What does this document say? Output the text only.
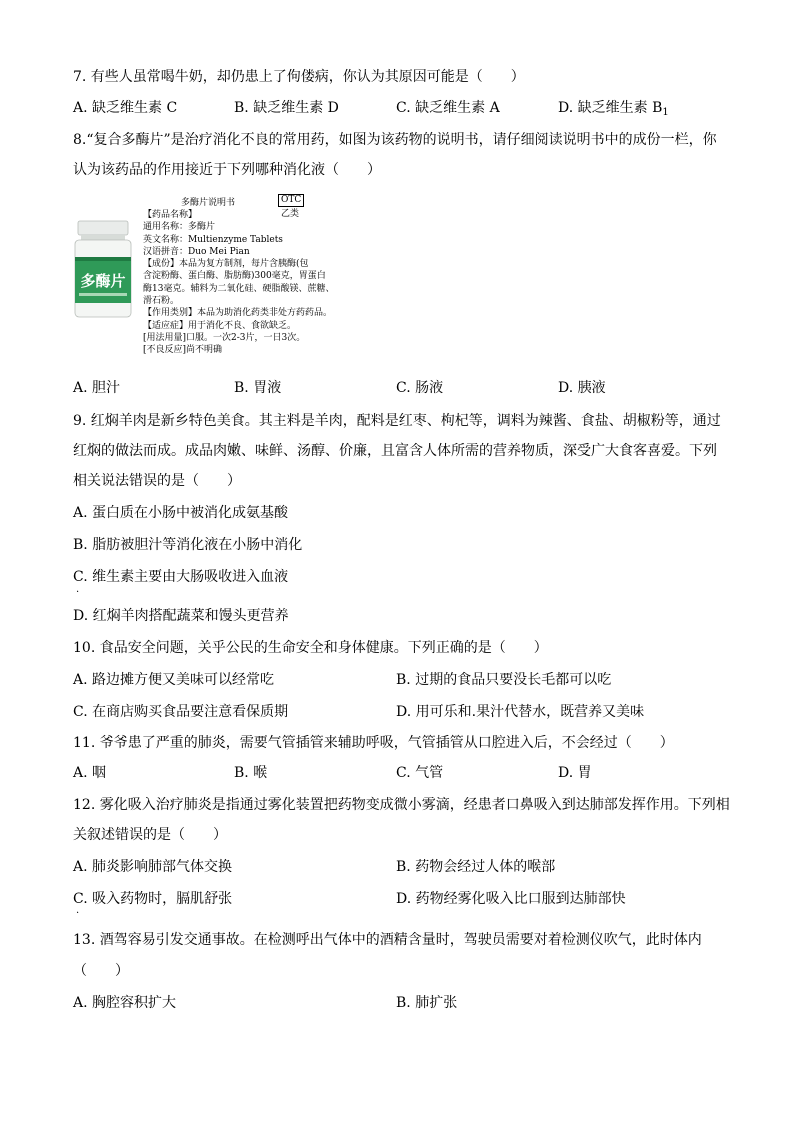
7. 有些人虽常喝牛奶，却仍患上了佝偻病，你认为其原因可能是（　　）
A. 缺乏维生素 C	B. 缺乏维生素 D	C. 缺乏维生素 A	D. 缺乏维生素 $B_1$
8.“复合多酶片”是治疗消化不良的常用药，如图为该药物的说明书，请仔细阅读说明书中的成份一栏，你
认为该药品的作用接近于下列哪种消化液（　　）
多酶片
多酶片说明书	OTC
乙类
【药品名称】
通用名称：多酶片
英文名称：Multienzyme Tablets
汉语拼音：Duo Mei Pian
【成份】本品为复方制剂，每片含胰酶(包
含淀粉酶、蛋白酶、脂肪酶)300毫克，胃蛋白
酶13毫克。辅料为二氧化硅、硬脂酸镁、蔗糖、
滑石粉。
【作用类别】本品为助消化药类非处方药药品。
【适应症】用于消化不良、食欲缺乏。
[用法用量]口服。一次2-3片，一日3次。
[不良反应]尚不明确
A. 胆汁	B. 胃液	C. 肠液	D. 胰液
9. 红焖羊肉是新乡特色美食。其主料是羊肉，配料是红枣、枸杞等，调料为辣酱、食盐、胡椒粉等，通过
红焖的做法而成。成品肉嫩、味鲜、汤醇、价廉，且富含人体所需的营养物质，深受广大食客喜爱。下列
相关说法错误的是（　　）
A. 蛋白质在小肠中被消化成氨基酸
B. 脂肪被胆汁等消化液在小肠中消化
C. 维生素主要由大肠吸收进入血液
.
D. 红焖羊肉搭配蔬菜和馒头更营养
10. 食品安全问题，关乎公民的生命安全和身体健康。下列正确的是（　　）
A. 路边摊方便又美味可以经常吃	B. 过期的食品只要没长毛都可以吃
C. 在商店购买食品要注意看保质期	D. 用可乐和.果汁代替水，既营养又美味
11. 爷爷患了严重的肺炎，需要气管插管来辅助呼吸，气管插管从口腔进入后，不会经过（　　）
A. 咽	B. 喉	C. 气管	D. 胃
12. 雾化吸入治疗肺炎是指通过雾化装置把药物变成微小雾滴，经患者口鼻吸入到达肺部发挥作用。下列相
关叙述错误的是（　　）
A. 肺炎影响肺部气体交换	B. 药物会经过人体的喉部
C. 吸入药物时，膈肌舒张
.
D. 药物经雾化吸入比口服到达肺部快
13. 酒驾容易引发交通事故。在检测呼出气体中的酒精含量时，驾驶员需要对着检测仪吹气，此时体内
（　　）
A. 胸腔容积扩大	B. 肺扩张
